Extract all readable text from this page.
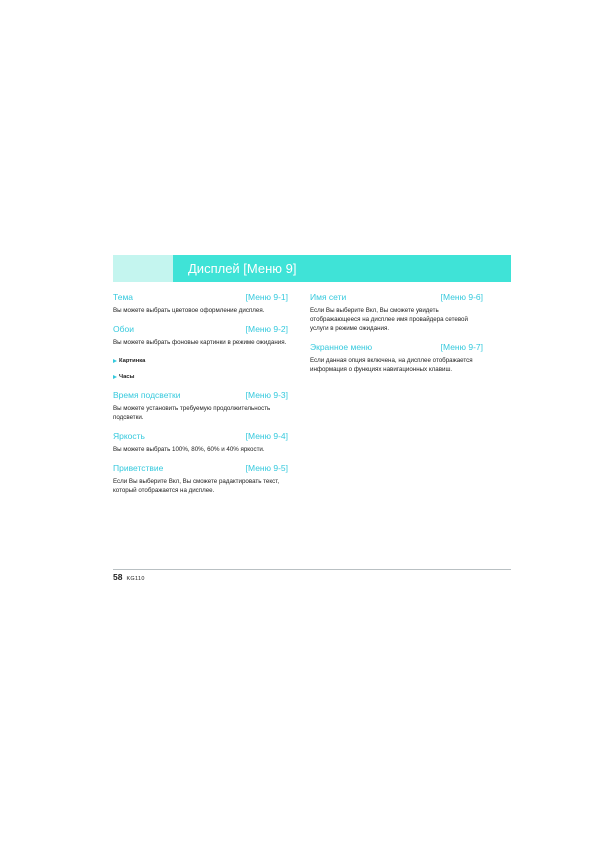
Дисплей [Меню 9]
Тема	[Меню 9-1]
Вы можете выбрать цветовое оформление дисплея.
Обои	[Меню 9-2]
Вы можете выбрать фоновые картинки в режиме ожидания.
Картинка
Часы
Время подсветки	[Меню 9-3]
Вы можете установить требуемую продолжительность подсветки.
Яркость	[Меню 9-4]
Вы можете выбрать 100%, 80%, 60% и 40% яркости.
Приветствие	[Меню 9-5]
Если Вы выберите Вкл, Вы сможете радактировать текст, который отображается на дисплее.
Имя сети	[Меню 9-6]
Если Вы выберите Вкл, Вы сможете увидеть отображающееся на дисплее имя провайдера сетевой услуги в режиме ожидания.
Экранное меню	[Меню 9-7]
Если данная опция включена, на дисплее отображается информация о функциях навигационных клавиш.
58 KG110
